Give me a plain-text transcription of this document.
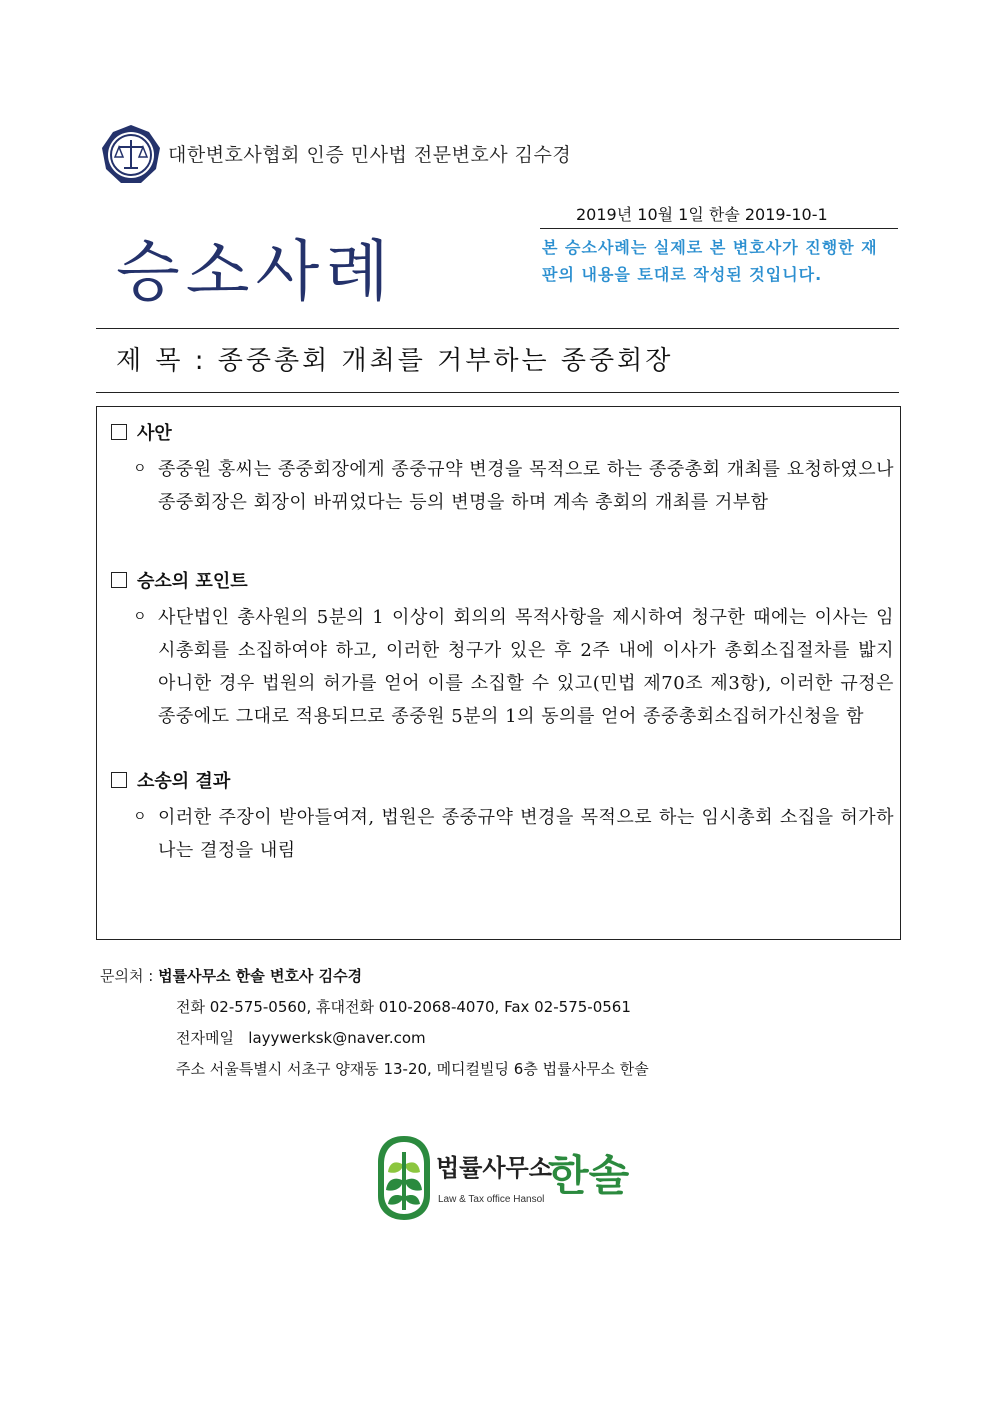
대한변호사협회 인증 민사법 전문변호사 김수경
2019년 10월 1일 한솔 2019-10-1
승소사례	본 승소사례는 실제로 본 변호사가 진행한 재판의 내용을 토대로 작성된 것입니다.
제 목 : 종중총회 개최를 거부하는 종중회장
사안
ㅇ 종중원 홍씨는 종중회장에게 종중규약 변경을 목적으로 하는 종중총회 개최를 요청하였으나 종중회장은 회장이 바뀌었다는 등의 변명을 하며 계속 총회의 개최를 거부함
승소의 포인트
ㅇ 사단법인 총사원의 5분의 1 이상이 회의의 목적사항을 제시하여 청구한 때에는 이사는 임시총회를 소집하여야 하고, 이러한 청구가 있은 후 2주 내에 이사가 총회소집절차를 밟지 아니한 경우 법원의 허가를 얻어 이를 소집할 수 있고(민법 제70조 제3항), 이러한 규정은 종중에도 그대로 적용되므로 종중원 5분의 1의 동의를 얻어 종중총회소집허가신청을 함
소송의 결과
ㅇ 이러한 주장이 받아들여져, 법원은 종중규약 변경을 목적으로 하는 임시총회 소집을 허가하나는 결정을 내림
문의처 : 법률사무소 한솔 변호사 김수경
전화 02-575-0560, 휴대전화 010-2068-4070, Fax 02-575-0561
전자메일 layywerksk@naver.com
주소 서울특별시 서초구 양재동 13-20, 메디컬빌딩 6층 법률사무소 한솔
법률사무소
한솔
Law & Tax office Hansol
